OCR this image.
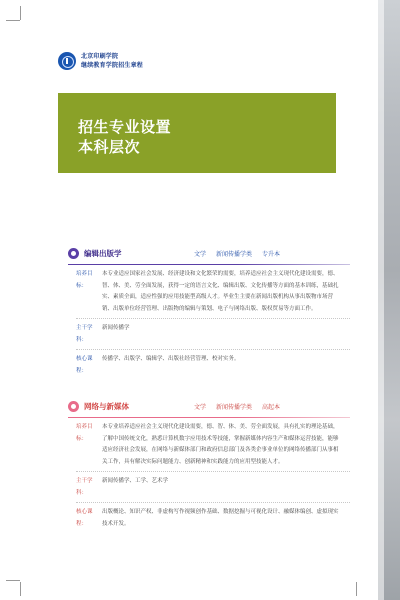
北京印刷学院
继续教育学院招生章程
招生专业设置
本科层次
编辑出版学	文学 新闻传播学类 专升本
培养目标：
本专业适应国家社会发展、经济建设和文化繁荣的需要，培养适应社会主义现代化建设需要，德、智、体、美、劳全面发展，获得一定的语言文化、编辑出版、文化传播等方面的基本训练，基础扎实、素质全面，适应性强的应用技能型高级人才。毕业生主要在新闻出版机构从事出版物市场营销、出版单位经营管理、出版物的编辑与策划、电子与网络出版、版权贸易等方面工作。
主干学科：
新闻传播学
核心课程：
传播学、出版学、编辑学、出版社经营管理、校对实务。
网络与新媒体	文学 新闻传播学类 高起本
培养目标：
本专业培养适应社会主义现代化建设需要，德、智、体、美、劳全面发展，具有扎实的理论基础，了解中国传统文化，熟悉计算机数字应用技术等技能，掌握新媒体内容生产和媒体运营技能，能够适应经济社会发展，在网络与新媒体部门和政府信息部门及各类企事业单位的网络传播部门从事相关工作，具有解决实际问题能力、创新精神和实践能力的应用型技能人才。
主干学科：
新闻传播学、工学、艺术学
核心课程：
出版概论、知识产权、非虚构写作视频创作基础、数据挖掘与可视化设计、融媒体编创、虚拟现实技术开发。
